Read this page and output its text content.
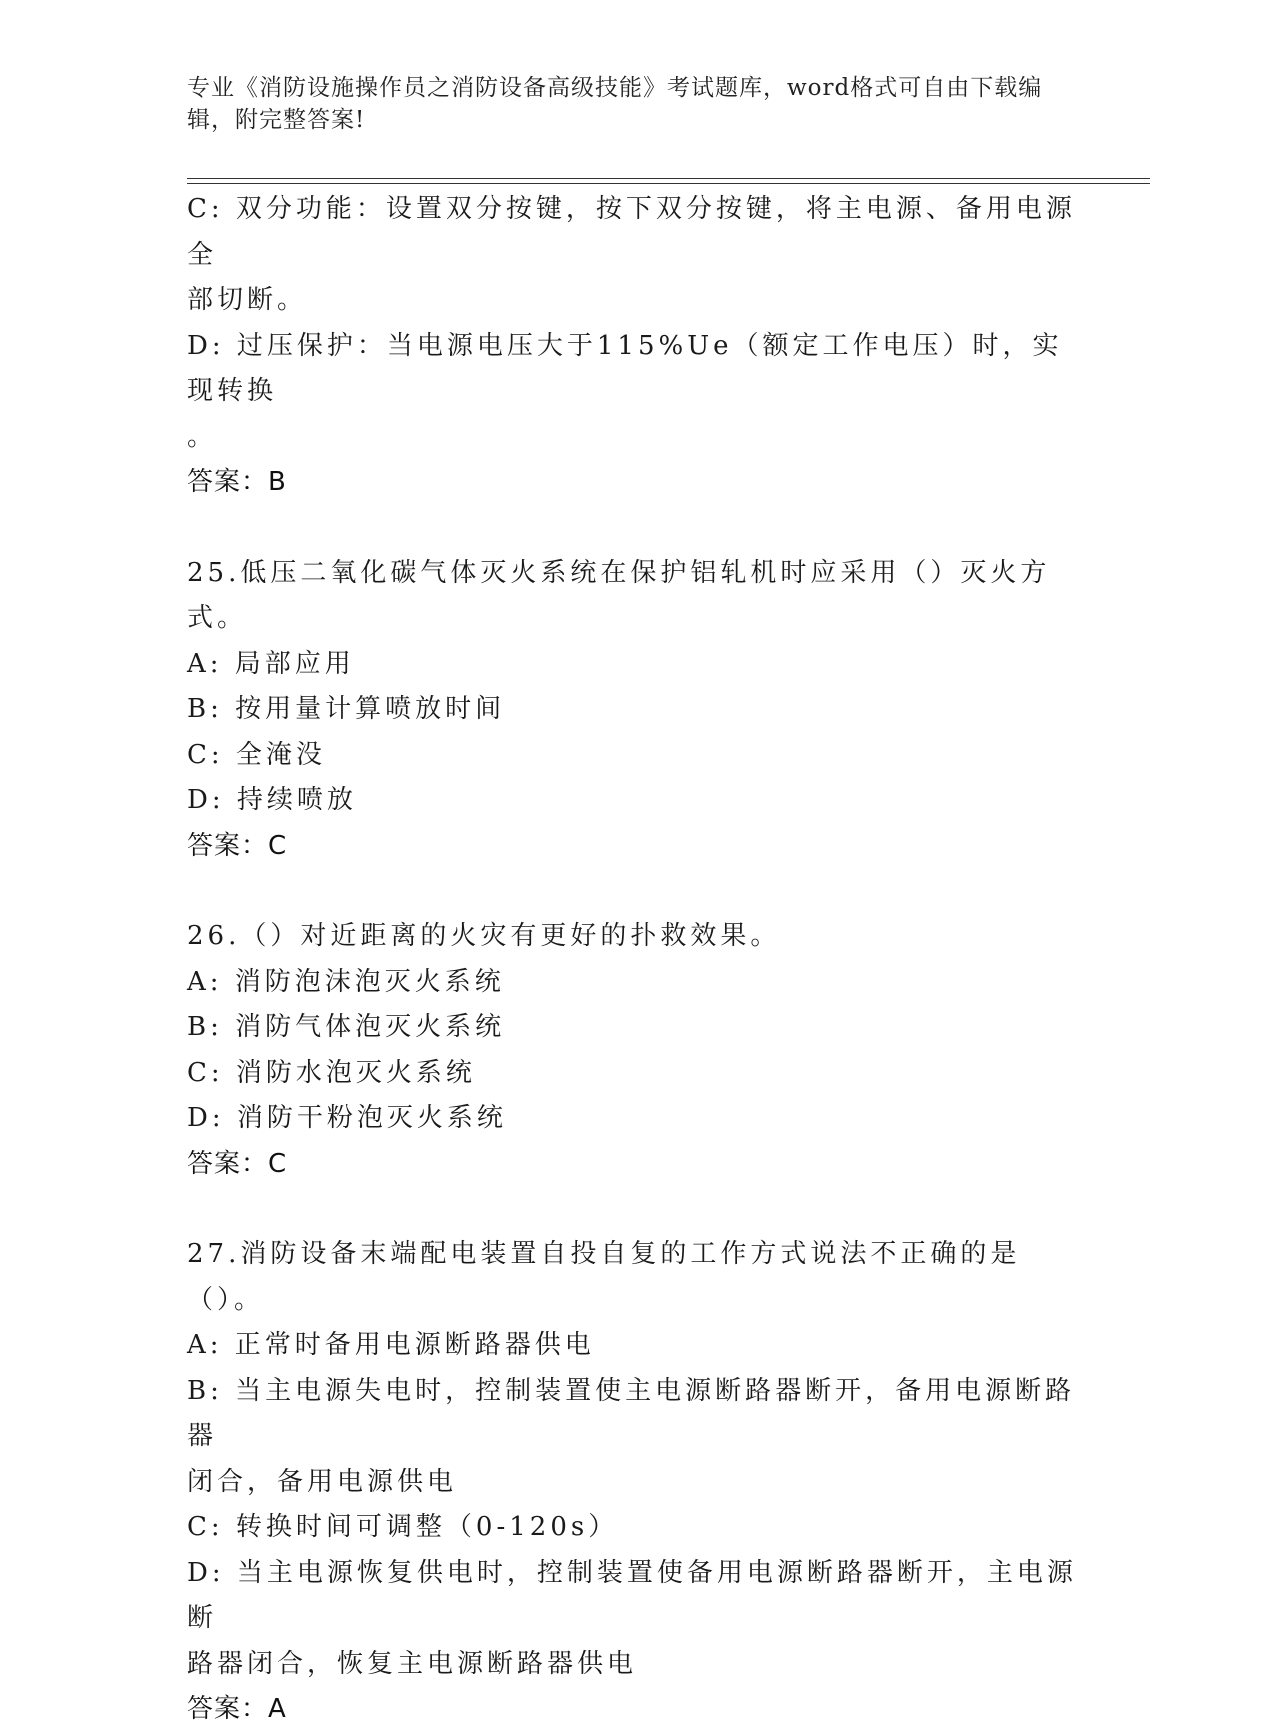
专业《消防设施操作员之消防设备高级技能》考试题库，word格式可自由下载编
辑，附完整答案!
C: 双分功能：设置双分按键，按下双分按键，将主电源、备用电源全
部切断。
D: 过压保护：当电源电压大于115%Ue（额定工作电压）时，实现转换
。
答案：B
25.低压二氧化碳气体灭火系统在保护铝轧机时应采用（）灭火方式。
A: 局部应用
B: 按用量计算喷放时间
C: 全淹没
D: 持续喷放
答案：C
26.（）对近距离的火灾有更好的扑救效果。
A: 消防泡沫泡灭火系统
B: 消防气体泡灭火系统
C: 消防水泡灭火系统
D: 消防干粉泡灭火系统
答案：C
27.消防设备末端配电装置自投自复的工作方式说法不正确的是（）。
A: 正常时备用电源断路器供电
B: 当主电源失电时，控制装置使主电源断路器断开，备用电源断路器
闭合，备用电源供电
C: 转换时间可调整（0-120s）
D: 当主电源恢复供电时，控制装置使备用电源断路器断开，主电源断
路器闭合，恢复主电源断路器供电
答案：A
